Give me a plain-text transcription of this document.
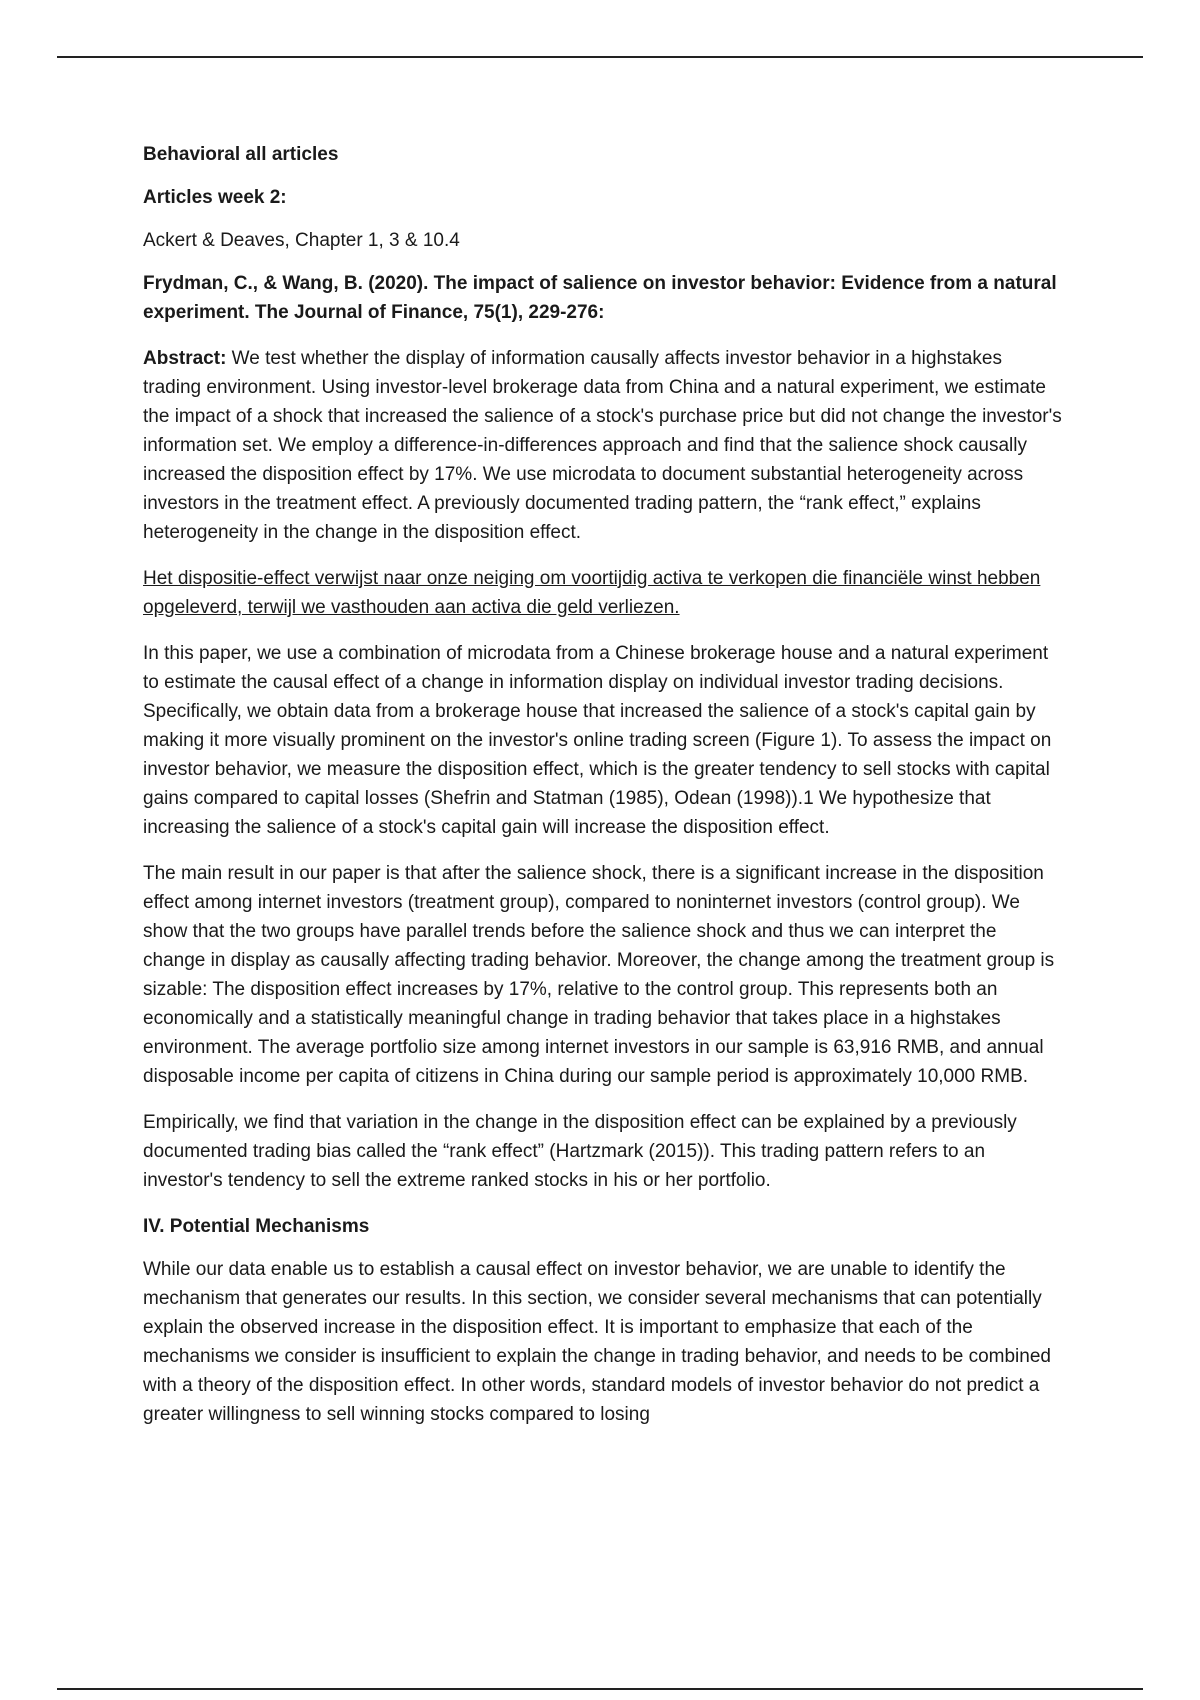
Behavioral all articles

Articles week 2:

Ackert & Deaves, Chapter 1, 3 & 10.4

Frydman, C., & Wang, B. (2020). The impact of salience on investor behavior: Evidence from a natural experiment. The Journal of Finance, 75(1), 229-276:

Abstract: We test whether the display of information causally affects investor behavior in a highstakes trading environment. Using investor-level brokerage data from China and a natural experiment, we estimate the impact of a shock that increased the salience of a stock's purchase price but did not change the investor's information set. We employ a difference-in-differences approach and find that the salience shock causally increased the disposition effect by 17%. We use microdata to document substantial heterogeneity across investors in the treatment effect. A previously documented trading pattern, the “rank effect,” explains heterogeneity in the change in the disposition effect.

Het dispositie-effect verwijst naar onze neiging om voortijdig activa te verkopen die financiële winst hebben opgeleverd, terwijl we vasthouden aan activa die geld verliezen.

In this paper, we use a combination of microdata from a Chinese brokerage house and a natural experiment to estimate the causal effect of a change in information display on individual investor trading decisions. Specifically, we obtain data from a brokerage house that increased the salience of a stock's capital gain by making it more visually prominent on the investor's online trading screen (Figure 1). To assess the impact on investor behavior, we measure the disposition effect, which is the greater tendency to sell stocks with capital gains compared to capital losses (Shefrin and Statman (1985), Odean (1998)).1 We hypothesize that increasing the salience of a stock's capital gain will increase the disposition effect.

The main result in our paper is that after the salience shock, there is a significant increase in the disposition effect among internet investors (treatment group), compared to noninternet investors (control group). We show that the two groups have parallel trends before the salience shock and thus we can interpret the change in display as causally affecting trading behavior. Moreover, the change among the treatment group is sizable: The disposition effect increases by 17%, relative to the control group. This represents both an economically and a statistically meaningful change in trading behavior that takes place in a highstakes environment. The average portfolio size among internet investors in our sample is 63,916 RMB, and annual disposable income per capita of citizens in China during our sample period is approximately 10,000 RMB.

Empirically, we find that variation in the change in the disposition effect can be explained by a previously documented trading bias called the “rank effect” (Hartzmark (2015)). This trading pattern refers to an investor's tendency to sell the extreme ranked stocks in his or her portfolio.

IV. Potential Mechanisms

While our data enable us to establish a causal effect on investor behavior, we are unable to identify the mechanism that generates our results. In this section, we consider several mechanisms that can potentially explain the observed increase in the disposition effect. It is important to emphasize that each of the mechanisms we consider is insufficient to explain the change in trading behavior, and needs to be combined with a theory of the disposition effect. In other words, standard models of investor behavior do not predict a greater willingness to sell winning stocks compared to losing
